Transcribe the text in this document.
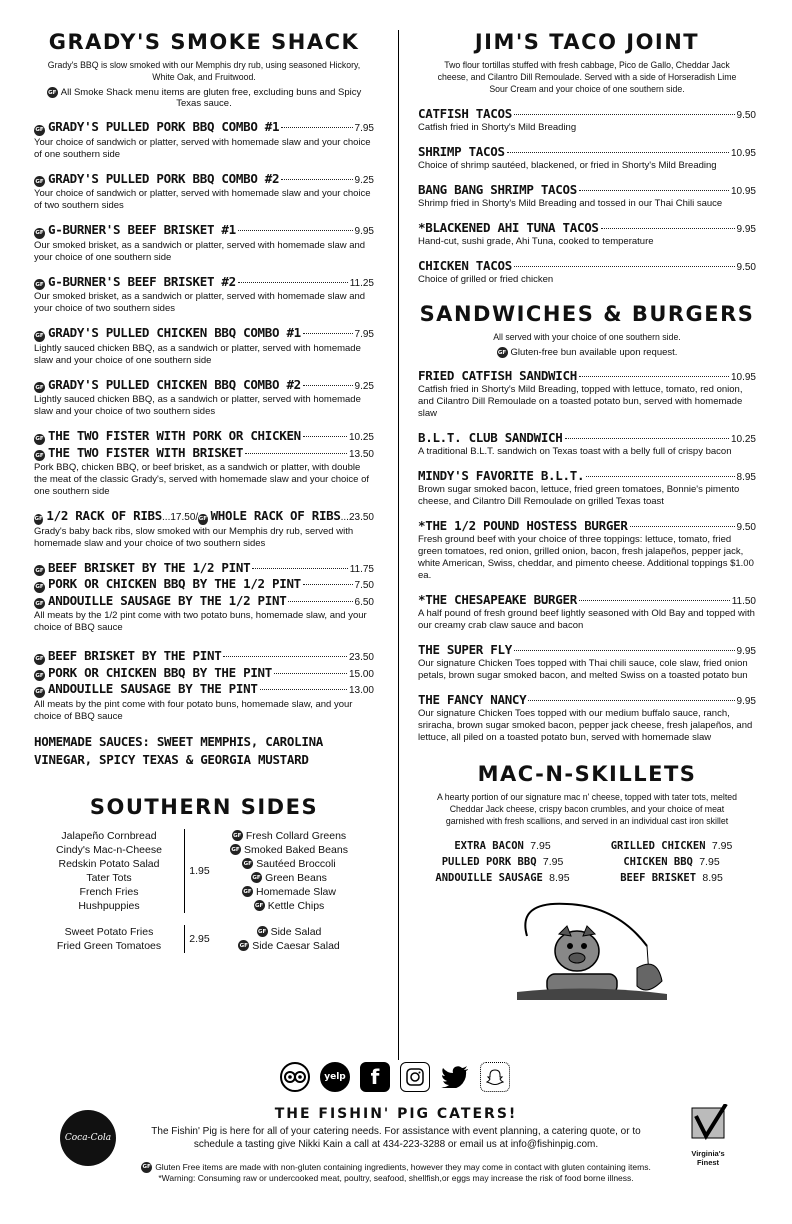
GRADY'S SMOKE SHACK
Grady's BBQ is slow smoked with our Memphis dry rub, using seasoned Hickory, White Oak, and Fruitwood.
GF All Smoke Shack menu items are gluten free, excluding buns and Spicy Texas sauce.
GF GRADY'S PULLED PORK BBQ COMBO #1	7.95
Your choice of sandwich or platter, served with homemade slaw and your choice of one southern side
GF GRADY'S PULLED PORK BBQ COMBO #2	9.25
Your choice of sandwich or platter, served with homemade slaw and your choice of two southern sides
GF G-BURNER'S BEEF BRISKET #1	9.95
Our smoked brisket, as a sandwich or platter, served with homemade slaw and your choice of one southern side
GF G-BURNER'S BEEF BRISKET #2	11.25
Our smoked brisket, as a sandwich or platter, served with homemade slaw and your choice of two southern sides
GF GRADY'S PULLED CHICKEN BBQ COMBO #1	7.95
Lightly sauced chicken BBQ, as a sandwich or platter, served with homemade slaw and your choice of one southern side
GF GRADY'S PULLED CHICKEN BBQ COMBO #2	9.25
Lightly sauced chicken BBQ, as a sandwich or platter, served with homemade slaw and your choice of two southern sides
GF THE TWO FISTER WITH PORK OR CHICKEN	10.25
GF THE TWO FISTER WITH BRISKET	13.50
Pork BBQ, chicken BBQ, or beef brisket, as a sandwich or platter, with double the meat of the classic Grady's, served with homemade slaw and your choice of one southern side
GF 1/2 RACK OF RIBS ...17.50/ GF WHOLE RACK OF RIBS ...23.50
Grady's baby back ribs, slow smoked with our Memphis dry rub, served with homemade slaw and your choice of two southern sides
GF BEEF BRISKET BY THE 1/2 PINT	11.75
GF PORK OR CHICKEN BBQ BY THE 1/2 PINT	7.50
GF ANDOUILLE SAUSAGE BY THE 1/2 PINT	6.50
All meats by the 1/2 pint come with two potato buns, homemade slaw, and your choice of BBQ sauce
GF BEEF BRISKET BY THE PINT	23.50
GF PORK OR CHICKEN BBQ BY THE PINT	15.00
GF ANDOUILLE SAUSAGE BY THE PINT	13.00
All meats by the pint come with four potato buns, homemade slaw, and your choice of BBQ sauce
HOMEMADE SAUCES: SWEET MEMPHIS, CAROLINA VINEGAR, SPICY TEXAS & GEORGIA MUSTARD
SOUTHERN SIDES
Jalapeño Cornbread
Cindy's Mac-n-Cheese
Redskin Potato Salad
Tater Tots
French Fries
Hushpuppies
1.95
GF Fresh Collard Greens
GF Smoked Baked Beans
GF Sautéed Broccoli
GF Green Beans
GF Homemade Slaw
GF Kettle Chips
Sweet Potato Fries
Fried Green Tomatoes
2.95
GF Side Salad
GF Side Caesar Salad
JIM'S TACO JOINT
Two flour tortillas stuffed with fresh cabbage, Pico de Gallo, Cheddar Jack cheese, and Cilantro Dill Remoulade. Served with a side of Horseradish Lime Sour Cream and your choice of one southern side.
CATFISH TACOS	9.50
Catfish fried in Shorty's Mild Breading
SHRIMP TACOS	10.95
Choice of shrimp sautéed, blackened, or fried in Shorty's Mild Breading
BANG BANG SHRIMP TACOS	10.95
Shrimp fried in Shorty's Mild Breading and tossed in our Thai Chili sauce
*BLACKENED AHI TUNA TACOS	9.95
Hand-cut, sushi grade, Ahi Tuna, cooked to temperature
CHICKEN TACOS	9.50
Choice of grilled or fried chicken
SANDWICHES & BURGERS
All served with your choice of one southern side.
GF Gluten-free bun available upon request.
FRIED CATFISH SANDWICH	10.95
Catfish fried in Shorty's Mild Breading, topped with lettuce, tomato, red onion, and Cilantro Dill Remoulade on a toasted potato bun, served with homemade slaw
B.L.T. CLUB SANDWICH	10.25
A traditional B.L.T. sandwich on Texas toast with a belly full of crispy bacon
MINDY'S FAVORITE B.L.T.	8.95
Brown sugar smoked bacon, lettuce, fried green tomatoes, Bonnie's pimento cheese, and Cilantro Dill Remoulade on grilled Texas toast
*THE 1/2 POUND HOSTESS BURGER	9.50
Fresh ground beef with your choice of three toppings: lettuce, tomato, fried green tomatoes, red onion, grilled onion, bacon, fresh jalapeños, pepper jack, white American, Swiss, cheddar, and pimento cheese. Additional toppings $1.00 ea.
*THE CHESAPEAKE BURGER	11.50
A half pound of fresh ground beef lightly seasoned with Old Bay and topped with our creamy crab claw sauce and bacon
THE SUPER FLY	9.95
Our signature Chicken Toes topped with Thai chili sauce, cole slaw, fried onion petals, brown sugar smoked bacon, and melted Swiss on a toasted potato bun
THE FANCY NANCY	9.95
Our signature Chicken Toes topped with our medium buffalo sauce, ranch, sriracha, brown sugar smoked bacon, pepper jack cheese, fresh jalapeños, and lettuce, all piled on a toasted potato bun, served with homemade slaw
MAC-N-SKILLETS
A hearty portion of our signature mac n' cheese, topped with tater tots, melted Cheddar Jack cheese, crispy bacon crumbles, and your choice of meat garnished with fresh scallions, and served in an individual cast iron skillet
EXTRA BACON 7.95	GRILLED CHICKEN 7.95
PULLED PORK BBQ 7.95	CHICKEN BBQ 7.95
ANDOUILLE SAUSAGE 8.95	BEEF BRISKET 8.95
yelp	f
Coca-Cola
THE FISHIN' PIG CATERS!
The Fishin' Pig is here for all of your catering needs. For assistance with event planning, a catering quote, or to schedule a tasting give Nikki Kain a call at 434-223-3288 or email us at info@fishinpig.com.
Virginia's Finest
GF Gluten Free items are made with non-gluten containing ingredients, however they may come in contact with gluten containing items.
*Warning: Consuming raw or undercooked meat, poultry, seafood, shellfish,or eggs may increase the risk of food borne illness.
